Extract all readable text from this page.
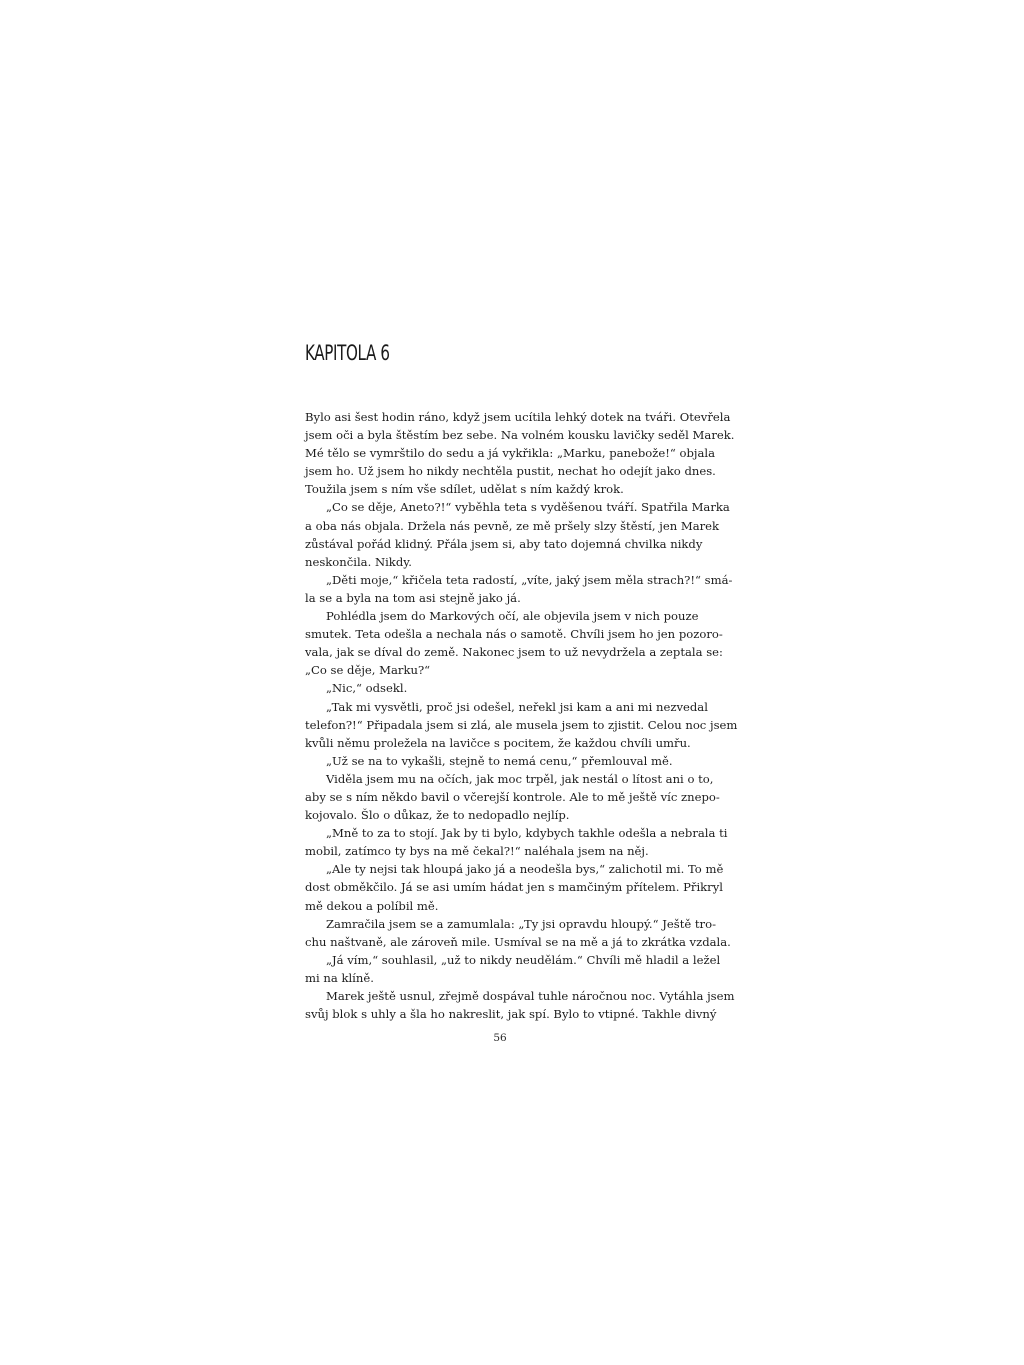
KAPITOLA 6
Bylo asi šest hodin ráno, když jsem ucítila lehký dotek na tváři. Otevřela
jsem oči a byla štěstím bez sebe. Na volném kousku lavičky seděl Marek.
Mé tělo se vymrštilo do sedu a já vykřikla: „Marku, panebože!“ objala
jsem ho. Už jsem ho nikdy nechtěla pustit, nechat ho odejít jako dnes.
Toužila jsem s ním vše sdílet, udělat s ním každý krok.
„Co se děje, Aneto?!“ vyběhla teta s vyděšenou tváří. Spatřila Marka
a oba nás objala. Držela nás pevně, ze mě pršely slzy štěstí, jen Marek
zůstával pořád klidný. Přála jsem si, aby tato dojemná chvilka nikdy
neskončila. Nikdy.
„Děti moje,“ křičela teta radostí, „víte, jaký jsem měla strach?!“ smá-
la se a byla na tom asi stejně jako já.
Pohlédla jsem do Markových očí, ale objevila jsem v nich pouze
smutek. Teta odešla a nechala nás o samotě. Chvíli jsem ho jen pozoro-
vala, jak se díval do země. Nakonec jsem to už nevydržela a zeptala se:
„Co se děje, Marku?“
„Nic,“ odsekl.
„Tak mi vysvětli, proč jsi odešel, neřekl jsi kam a ani mi nezvedal
telefon?!“ Připadala jsem si zlá, ale musela jsem to zjistit. Celou noc jsem
kvůli němu proležela na lavičce s pocitem, že každou chvíli umřu.
„Už se na to vykašli, stejně to nemá cenu,“ přemlouval mě.
Viděla jsem mu na očích, jak moc trpěl, jak nestál o lítost ani o to,
aby se s ním někdo bavil o včerejší kontrole. Ale to mě ještě víc znepo-
kojovalo. Šlo o důkaz, že to nedopadlo nejlíp.
„Mně to za to stojí. Jak by ti bylo, kdybych takhle odešla a nebrala ti
mobil, zatímco ty bys na mě čekal?!“ naléhala jsem na něj.
„Ale ty nejsi tak hloupá jako já a neodešla bys,“ zalichotil mi. To mě
dost obměkčilo. Já se asi umím hádat jen s mamčiným přítelem. Přikryl
mě dekou a políbil mě.
Zamračila jsem se a zamumlala: „Ty jsi opravdu hloupý.“ Ještě tro-
chu naštvaně, ale zároveň mile. Usmíval se na mě a já to zkrátka vzdala.
„Já vím,“ souhlasil, „už to nikdy neudělám.“ Chvíli mě hladil a ležel
mi na klíně.
Marek ještě usnul, zřejmě dospával tuhle náročnou noc. Vytáhla jsem
svůj blok s uhly a šla ho nakreslit, jak spí. Bylo to vtipné. Takhle divný
56
